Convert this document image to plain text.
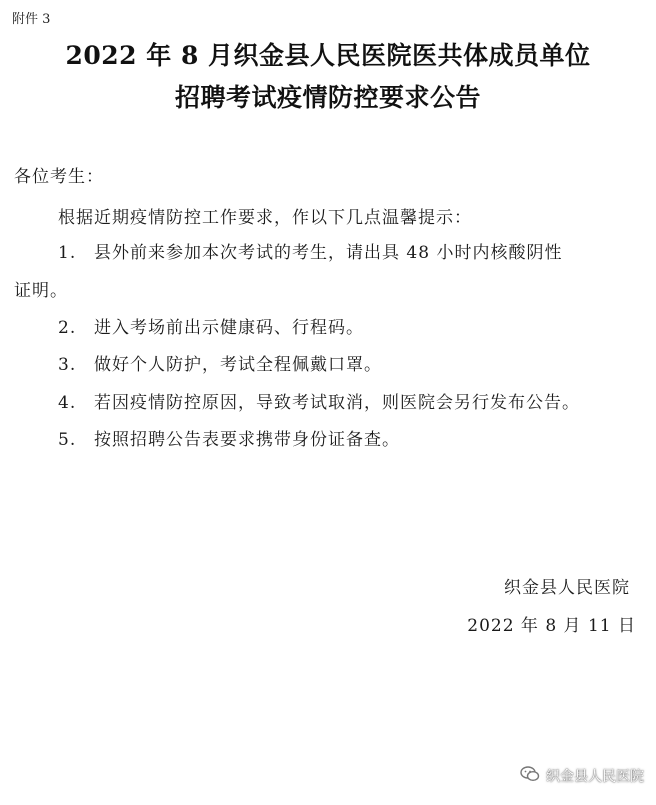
附件 3
2022 年 8 月织金县人民医院医共体成员单位
招聘考试疫情防控要求公告
各位考生：
根据近期疫情防控工作要求，作以下几点温馨提示：
1. 县外前来参加本次考试的考生，请出具 48 小时内核酸阴性
证明。
2. 进入考场前出示健康码、行程码。
3. 做好个人防护，考试全程佩戴口罩。
4. 若因疫情防控原因，导致考试取消，则医院会另行发布公告。
5. 按照招聘公告表要求携带身份证备查。
织金县人民医院
2022 年 8 月 11 日
织金县人民医院
